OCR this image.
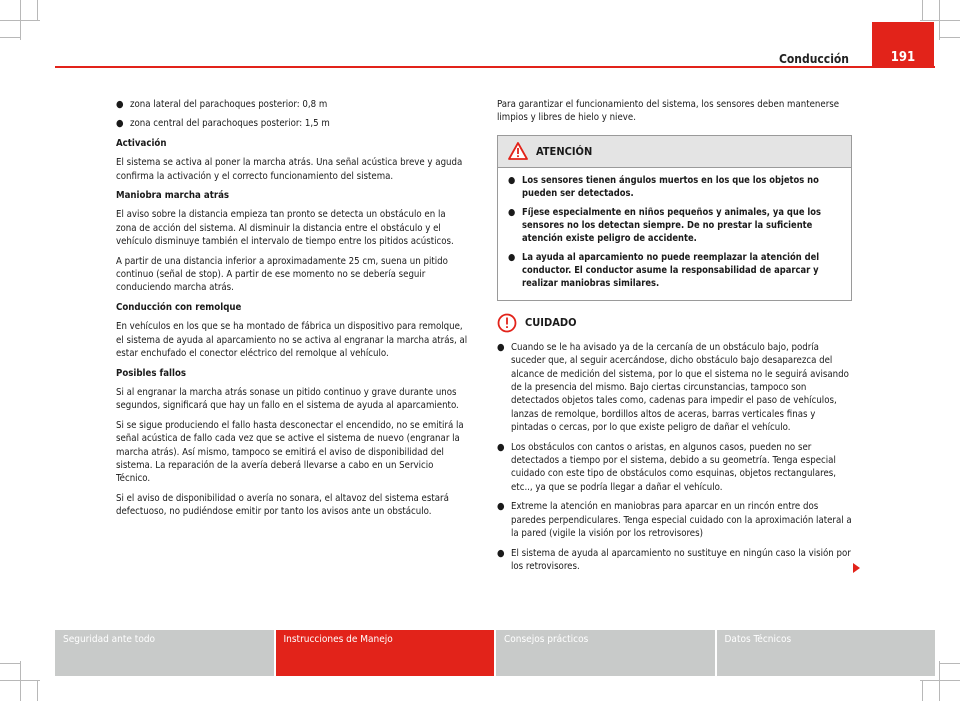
Conducción	191
● zona lateral del parachoques posterior: 0,8 m
● zona central del parachoques posterior: 1,5 m

Activación

El sistema se activa al poner la marcha atrás. Una señal acústica breve y aguda confirma la activación y el correcto funcionamiento del sistema.

Maniobra marcha atrás

El aviso sobre la distancia empieza tan pronto se detecta un obstáculo en la zona de acción del sistema. Al disminuir la distancia entre el obstáculo y el vehículo disminuye también el intervalo de tiempo entre los pitidos acústicos.

A partir de una distancia inferior a aproximadamente 25 cm, suena un pitido continuo (señal de stop). A partir de ese momento no se debería seguir conduciendo marcha atrás.

Conducción con remolque

En vehículos en los que se ha montado de fábrica un dispositivo para remolque, el sistema de ayuda al aparcamiento no se activa al engranar la marcha atrás, al estar enchufado el conector eléctrico del remolque al vehículo.

Posibles fallos

Si al engranar la marcha atrás sonase un pitido continuo y grave durante unos segundos, significará que hay un fallo en el sistema de ayuda al aparcamiento.

Si se sigue produciendo el fallo hasta desconectar el encendido, no se emitirá la señal acústica de fallo cada vez que se active el sistema de nuevo (engranar la marcha atrás). Así mismo, tampoco se emitirá el aviso de disponibilidad del sistema. La reparación de la avería deberá llevarse a cabo en un Servicio Técnico.

Si el aviso de disponibilidad o avería no sonara, el altavoz del sistema estará defectuoso, no pudiéndose emitir por tanto los avisos ante un obstáculo.

Para garantizar el funcionamiento del sistema, los sensores deben mantenerse limpios y libres de hielo y nieve.

ATENCIÓN
● Los sensores tienen ángulos muertos en los que los objetos no pueden ser detectados.
● Fíjese especialmente en niños pequeños y animales, ya que los sensores no los detectan siempre. De no prestar la suficiente atención existe peligro de accidente.
● La ayuda al aparcamiento no puede reemplazar la atención del conductor. El conductor asume la responsabilidad de aparcar y realizar maniobras similares.
CUIDADO
● Cuando se le ha avisado ya de la cercanía de un obstáculo bajo, podría suceder que, al seguir acercándose, dicho obstáculo bajo desaparezca del alcance de medición del sistema, por lo que el sistema no le seguirá avisando de la presencia del mismo. Bajo ciertas circunstancias, tampoco son detectados objetos tales como, cadenas para impedir el paso de vehículos, lanzas de remolque, bordillos altos de aceras, barras verticales finas y pintadas o cercas, por lo que existe peligro de dañar el vehículo.
● Los obstáculos con cantos o aristas, en algunos casos, pueden no ser detectados a tiempo por el sistema, debido a su geometría. Tenga especial cuidado con este tipo de obstáculos como esquinas, objetos rectangulares, etc.., ya que se podría llegar a dañar el vehículo.
● Extreme la atención en maniobras para aparcar en un rincón entre dos paredes perpendiculares. Tenga especial cuidado con la aproximación lateral a la pared (vigile la visión por los retrovisores)
● El sistema de ayuda al aparcamiento no sustituye en ningún caso la visión por los retrovisores.
Seguridad ante todo	Instrucciones de Manejo	Consejos prácticos	Datos Técnicos
